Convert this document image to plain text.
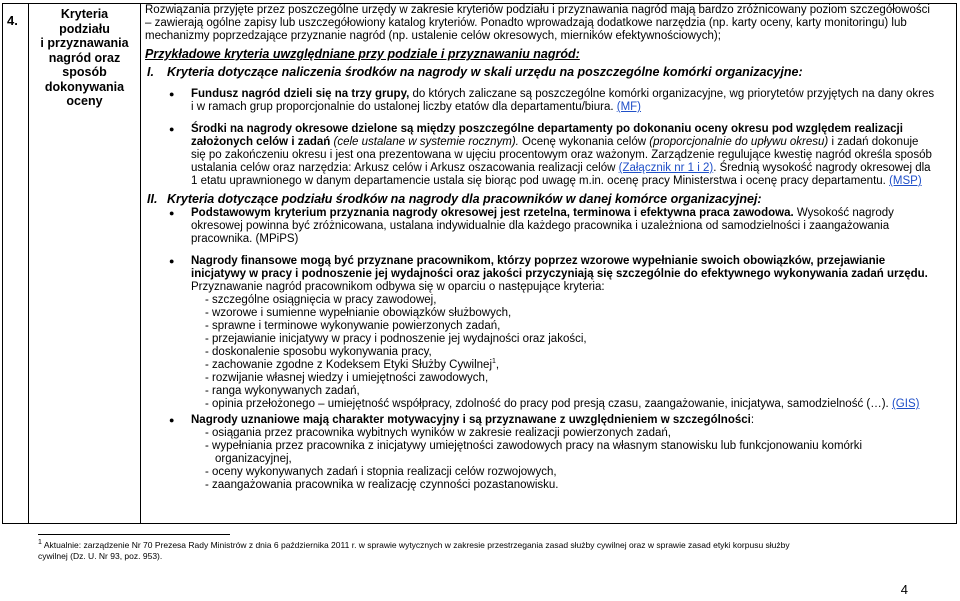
4.	Kryteria
podziału
i przyznawania
nagród oraz
sposób
dokonywania
oceny
Rozwiązania przyjęte przez poszczególne urzędy w zakresie kryteriów podziału i przyznawania nagród mają bardzo zróżnicowany poziom szczegółowości
– zawierają ogólne zapisy lub uszczegółowiony katalog kryteriów. Ponadto wprowadzają dodatkowe narzędzia (np. karty oceny, karty monitoringu) lub
mechanizmy poprzedzające przyznanie nagród (np. ustalenie celów okresowych, mierników efektywnościowych);
Przykładowe kryteria uwzględniane przy podziale i przyznawaniu nagród:
I. Kryteria dotyczące naliczenia środków na nagrody w skali urzędu na poszczególne komórki organizacyjne:
● Fundusz nagród dzieli się na trzy grupy, do których zaliczane są poszczególne komórki organizacyjne, wg priorytetów przyjętych na dany okres
i w ramach grup proporcjonalnie do ustalonej liczby etatów dla departamentu/biura. (MF)
● Środki na nagrody okresowe dzielone są między poszczególne departamenty po dokonaniu oceny okresu pod względem realizacji
założonych celów i zadań (cele ustalane w systemie rocznym). Ocenę wykonania celów (proporcjonalnie do upływu okresu) i zadań dokonuje
się po zakończeniu okresu i jest ona prezentowana w ujęciu procentowym oraz ważonym. Zarządzenie regulujące kwestię nagród określa sposób
ustalania celów oraz narzędzia: Arkusz celów i Arkusz oszacowania realizacji celów (Załącznik nr 1 i 2). Średnią wysokość nagrody okresowej dla
1 etatu uprawnionego w danym departamencie ustala się biorąc pod uwagę m.in. ocenę pracy Ministerstwa i ocenę pracy departamentu. (MSP)
II. Kryteria dotyczące podziału środków na nagrody dla pracowników w danej komórce organizacyjnej:
● Podstawowym kryterium przyznania nagrody okresowej jest rzetelna, terminowa i efektywna praca zawodowa. Wysokość nagrody
okresowej powinna być zróżnicowana, ustalana indywidualnie dla każdego pracownika i uzależniona od samodzielności i zaangażowania
pracownika. (MPiPS)
● Nagrody finansowe mogą być przyznane pracownikom, którzy poprzez wzorowe wypełnianie swoich obowiązków, przejawianie
inicjatywy w pracy i podnoszenie jej wydajności oraz jakości przyczyniają się szczególnie do efektywnego wykonywania zadań urzędu.
Przyznawanie nagród pracownikom odbywa się w oparciu o następujące kryteria:
- szczególne osiągnięcia w pracy zawodowej,
- wzorowe i sumienne wypełnianie obowiązków służbowych,
- sprawne i terminowe wykonywanie powierzonych zadań,
- przejawianie inicjatywy w pracy i podnoszenie jej wydajności oraz jakości,
- doskonalenie sposobu wykonywania pracy,
- zachowanie zgodne z Kodeksem Etyki Służby Cywilnej$^1$,
- rozwijanie własnej wiedzy i umiejętności zawodowych,
- ranga wykonywanych zadań,
- opinia przełożonego – umiejętność współpracy, zdolność do pracy pod presją czasu, zaangażowanie, inicjatywa, samodzielność (…). (GIS)
● Nagrody uznaniowe mają charakter motywacyjny i są przyznawane z uwzględnieniem w szczególności:
- osiągania przez pracownika wybitnych wyników w zakresie realizacji powierzonych zadań,
- wypełniania przez pracownika z inicjatywy umiejętności zawodowych pracy na własnym stanowisku lub funkcjonowaniu komórki
organizacyjnej,
- oceny wykonywanych zadań i stopnia realizacji celów rozwojowych,
- zaangażowania pracownika w realizację czynności pozastanowisku.
$^1$ Aktualnie: zarządzenie Nr 70 Prezesa Rady Ministrów z dnia 6 października 2011 r. w sprawie wytycznych w zakresie przestrzegania zasad służby cywilnej oraz w sprawie zasad etyki korpusu służby
cywilnej (Dz. U. Nr 93, poz. 953).
4
